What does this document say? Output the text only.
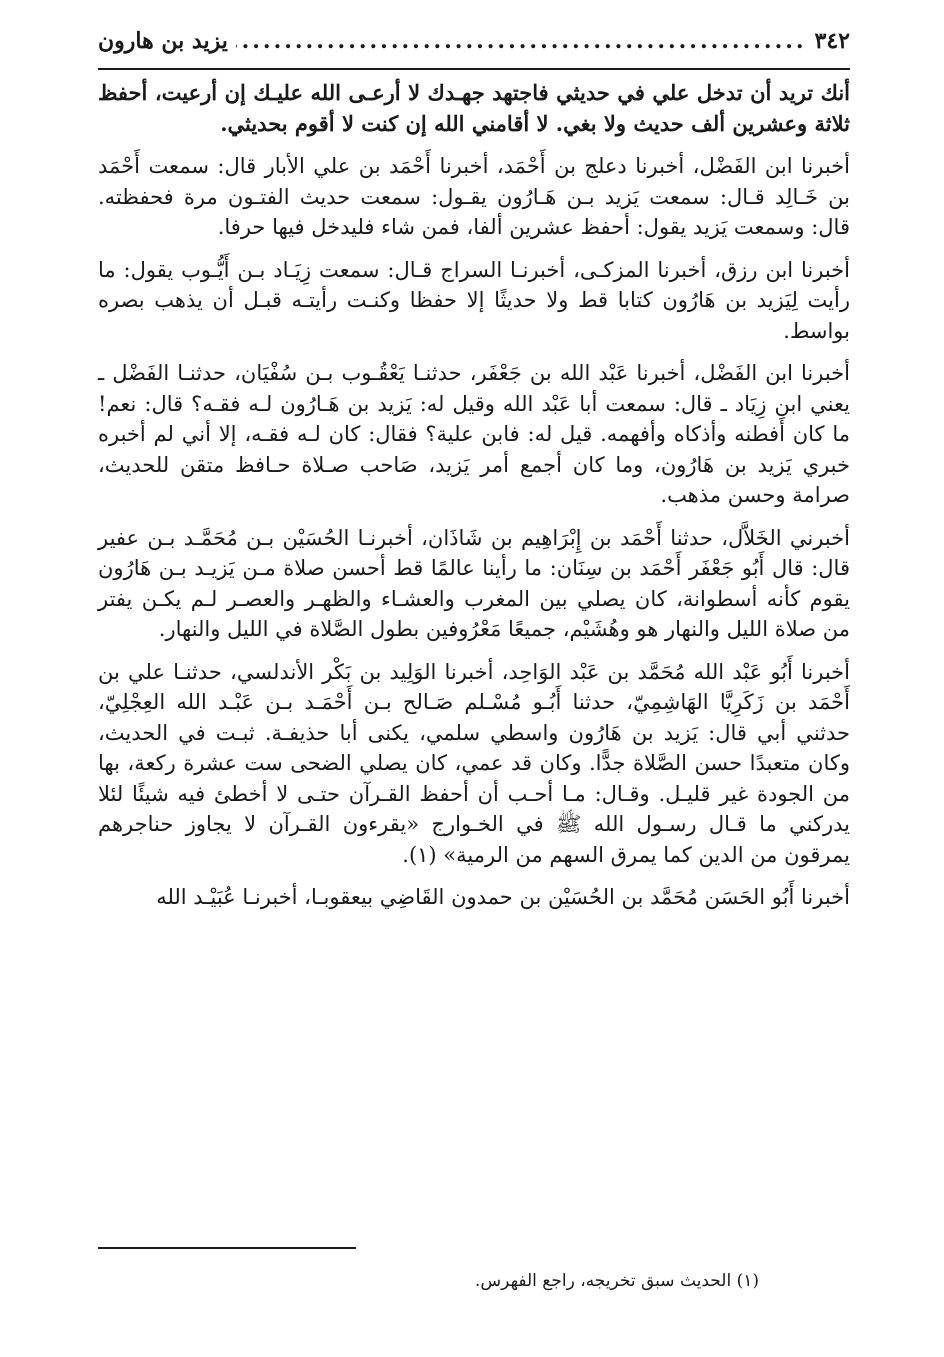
٣٤٢
.....
يزيد بن هارون

أنك تريد أن تدخل علي في حديثي فاجتهد جهـدك لا أرعـى الله عليـك إن أرعيت، أحفظ ثلاثة وعشرين ألف حديث ولا بغي. لا أقامني الله إن كنت لا أقوم بحديثي.

أخبرنا ابن الفَضْل، أخبرنا دعلج بن أَحْمَد، أخبرنا أَحْمَد بن علي الأبار قال: سمعت أَحْمَد بن خَـالِد قـال: سمعت يَزيد بـن هَـارُون يقـول: سمعت حديث الفتـون مرة فحفظته. قال: وسمعت يَزيد يقول: أحفظ عشرين ألفا، فمن شاء فليدخل فيها حرفا.

أخبرنا ابن رزق، أخبرنا المزكـى، أخبرنـا السراج قـال: سمعت زِيَـاد بـن أَيُّـوب يقول: ما رأيت لِيَزيد بن هَارُون كتابا قط ولا حديثًا إلا حفظا وكنـت رأيتـه قبـل أن يذهب بصره بواسط.

أخبرنا ابن الفَضْل، أخبرنا عَبْد الله بن جَعْفَر، حدثنـا يَعْقُـوب بـن سُفْيَان، حدثنـا الفَضْل ـ يعني ابن زِيَاد ـ قال: سمعت أبا عَبْد الله وقيل له: يَزيد بن هَـارُون لـه فقـه؟ قال: نعم! ما كان أَفطنه وأذكاه وأفهمه. قيل له: فابن علية؟ فقال: كان لـه فقـه، إلا أني لم أخبره خبري يَزيد بن هَارُون، وما كان أجمع أمر يَزيد، صَاحب صـلاة حـافظ متقن للحديث، صرامة وحسن مذهب.

أخبرني الخَلاَّل، حدثنا أَحْمَد بن إِبْرَاهِيم بن شَاذَان، أخبرنـا الحُسَيْن بـن مُحَمَّـد بـن عفير قال: قال أَبُو جَعْفَر أَحْمَد بن سِنَان: ما رأينا عالمًا قط أحسن صلاة مـن يَزيـد بـن هَارُون يقوم كأنه أسطوانة، كان يصلي بين المغرب والعشـاء والظهـر والعصـر لـم يكـن يفتر من صلاة الليل والنهار هو وهُشَيْم، جميعًا مَعْرُوفين بطول الصَّلاة في الليل والنهار.

أخبرنا أَبُو عَبْد الله مُحَمَّد بن عَبْد الوَاحِد، أخبرنا الوَلِيد بن بَكْر الأندلسي، حدثنـا علي بن أَحْمَد بن زَكَرِيَّا الهَاشِمِيّ، حدثنا أَبُـو مُسْـلم صَـالح بـن أَحْمَـد بـن عَبْـد الله العِجْلِيّ، حدثني أبي قال: يَزيد بن هَارُون واسطي سلمي، يكنى أبا حذيفـة. ثبـت في الحديث، وكان متعبدًا حسن الصَّلاة جدًّا. وكان قد عمي، كان يصلي الضحى ست عشرة ركعة، بها من الجودة غير قليـل. وقـال: مـا أحـب أن أحفظ القـرآن حتـى لا أخطئ فيه شيئًا لئلا يدركني ما قـال رسـول الله ﷺ في الخـوارج «يقرءون القـرآن لا يجاوز حناجرهم يمرقون من الدين كما يمرق السهم من الرمية» (١).

أخبرنا أَبُو الحَسَن مُحَمَّد بن الحُسَيْن بن حمدون القَاضِي بيعقوبـا، أخبرنـا عُبَيْـد الله

(١) الحديث سبق تخريجه، راجع الفهرس.
